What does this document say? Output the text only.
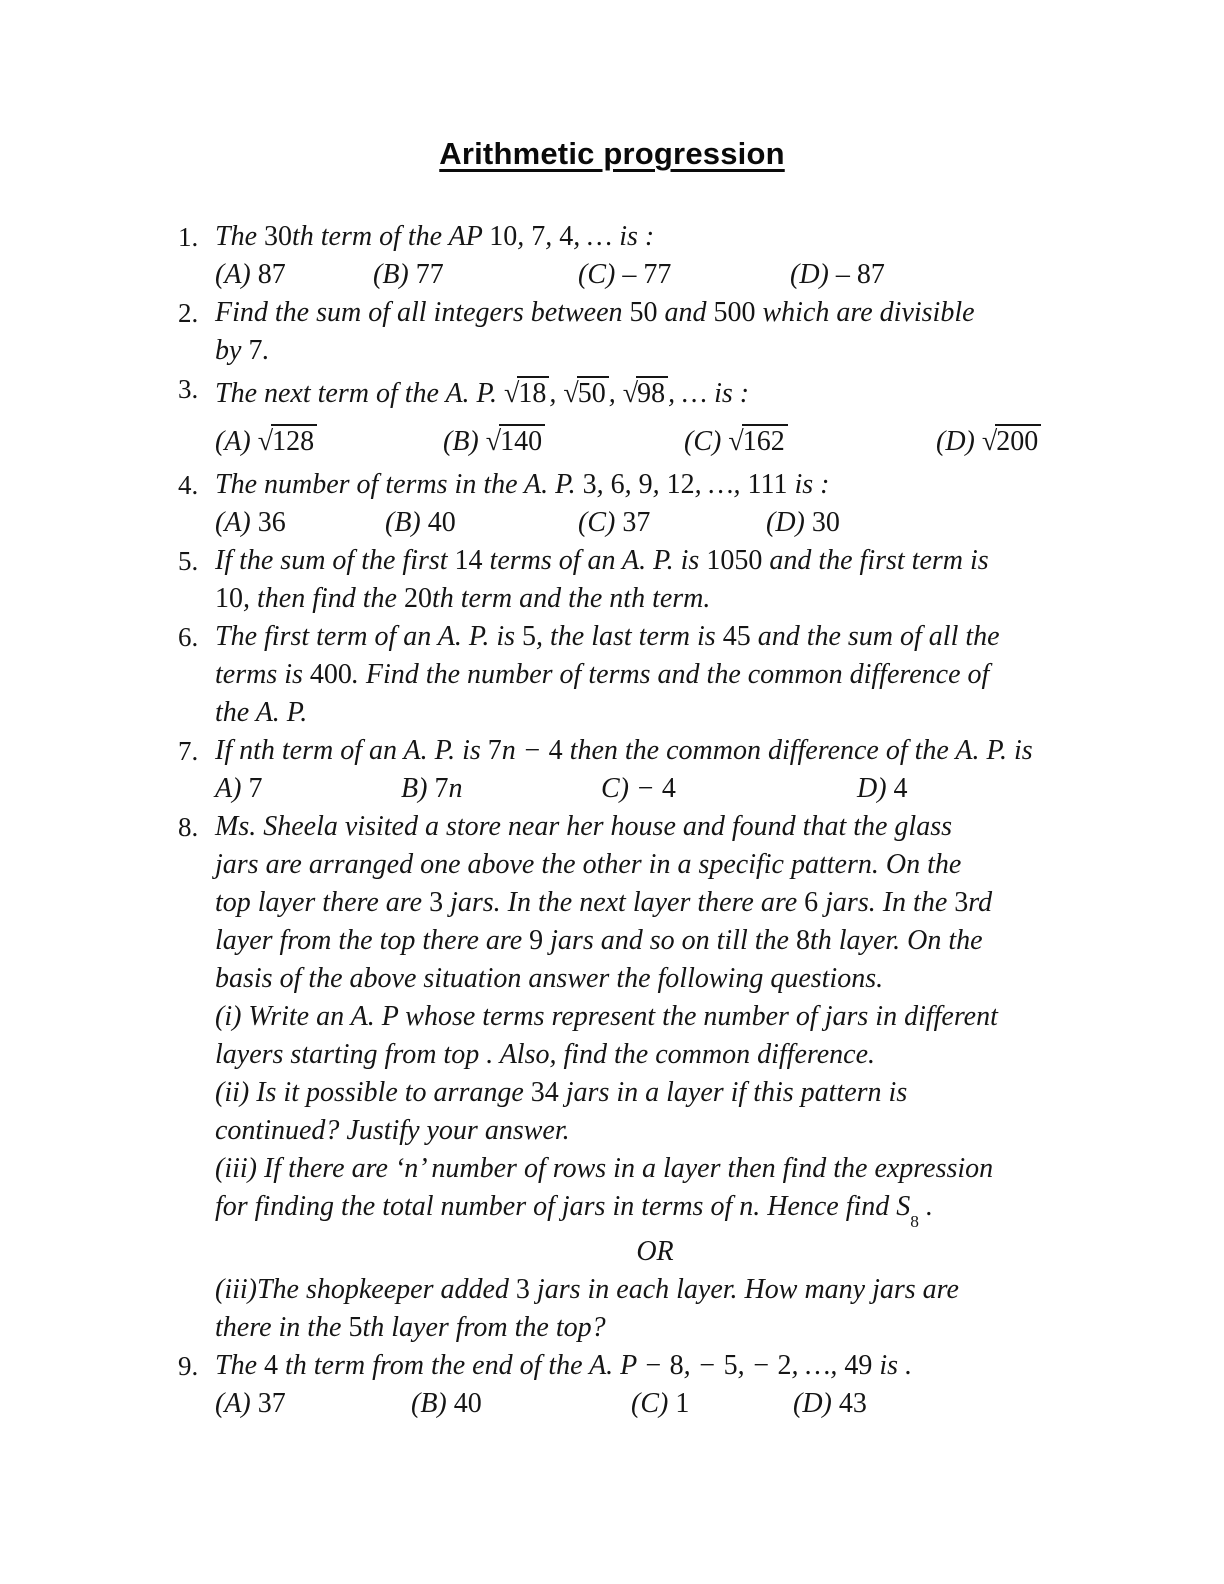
Arithmetic progression
1. The 30th term of the AP 10, 7, 4, … is :
(A) 87	(B) 77	(C) – 77	(D) – 87
2. Find the sum of all integers between 50 and 500 which are divisible
by 7.
3. The next term of the A. P. √18 , √50 , √98 , … is :
(A) √128	(B) √140	(C) √162	(D) √200
4. The number of terms in the A. P. 3, 6, 9, 12, …, 111 is :
(A) 36	(B) 40	(C) 37	(D) 30
5. If the sum of the first 14 terms of an A. P. is 1050 and the first term is
10, then find the 20th term and the nth term.
6. The first term of an A. P. is 5, the last term is 45 and the sum of all the
terms is 400. Find the number of terms and the common difference of
the A. P.
7. If nth term of an A. P. is 7n − 4 then the common difference of the A. P. is
A) 7	B) 7n	C) − 4	D) 4
8. Ms. Sheela visited a store near her house and found that the glass
jars are arranged one above the other in a specific pattern. On the
top layer there are 3 jars. In the next layer there are 6 jars. In the 3rd
layer from the top there are 9 jars and so on till the 8th layer. On the
basis of the above situation answer the following questions.
(i) Write an A. P whose terms represent the number of jars in different
layers starting from top . Also, find the common difference.
(ii) Is it possible to arrange 34 jars in a layer if this pattern is
continued? Justify your answer.
(iii) If there are ‘n’ number of rows in a layer then find the expression
for finding the total number of jars in terms of n. Hence find $S_8$ .
OR
(iii)The shopkeeper added 3 jars in each layer. How many jars are
there in the 5th layer from the top?
9. The 4 th term from the end of the A. P − 8, − 5, − 2, …, 49 is .
(A) 37	(B) 40	(C) 1	(D) 43
